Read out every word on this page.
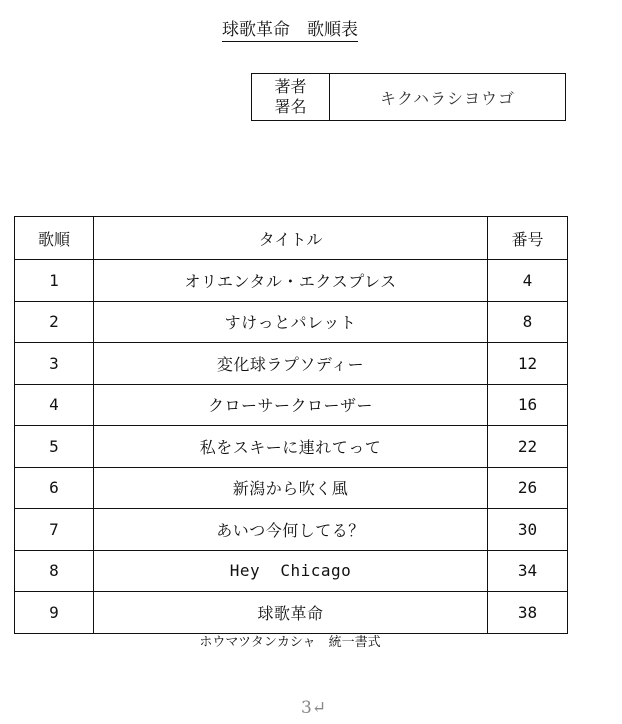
球歌革命　歌順表
著者
署名	キクハラシヨウゴ
歌順	タイトル	番号
1	オリエンタル・エクスプレス	4
2	すけっとパレット	8
3	変化球ラプソディー	12
4	クローサークローザー	16
5	私をスキーに連れてって	22
6	新潟から吹く風	26
7	あいつ今何してる？	30
8	Hey  Chicago	34
9	球歌革命	38
ホウマツタンカシャ　統一書式
3↵
